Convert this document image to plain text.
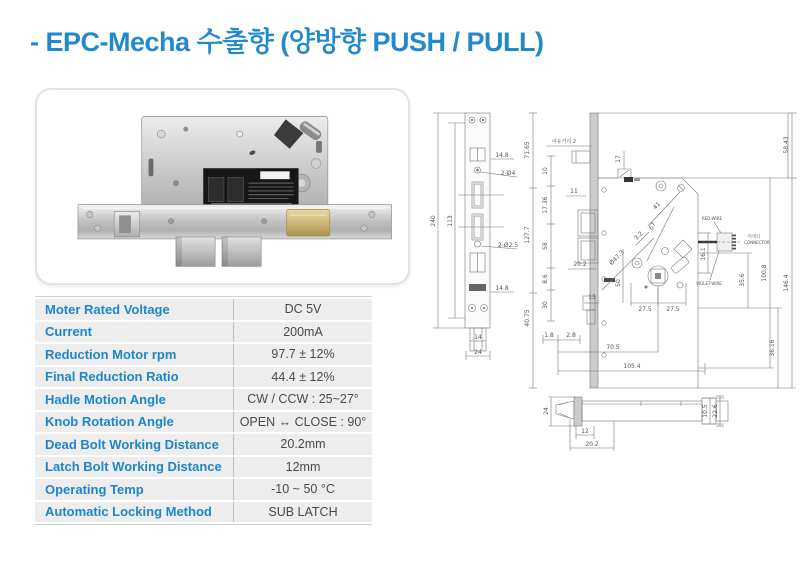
- EPC-Mecha 수출향 (양방향 PUSH / PULL)
Moter Rated Voltage	DC 5V
Current	200mA
Reduction Motor rpm	97.7 ± 12%
Final Reduction Ratio	44.4 ± 12%
Hadle Motion Angle	CW / CCW : 25~27°
Knob Rotation Angle	OPEN ↔ CLOSE : 90°
Dead Bolt Working Distance	20.2mm
Latch Bolt Working Distance	12mm
Operating Temp	-10 ~ 50 °C
Automatic Locking Method	SUB LATCH
240 113
14.8
2-Ø4
2-Ø2.5
14.8
14
24
여유거리 2
71.65
127.7
40.75
10
17.36
58
8.6
30
11
20.2
13
1.8 2.8
70.5
105.4
27.5 27.5
50
17
41
67
3.2
Ø47.3	16.1
58.43
100.8
146.4
35.6
36.16
RED-WIRE
VIOLET-WIRE
커넥터
CONNECTOR
24
12
20.2
10.5 22.6
